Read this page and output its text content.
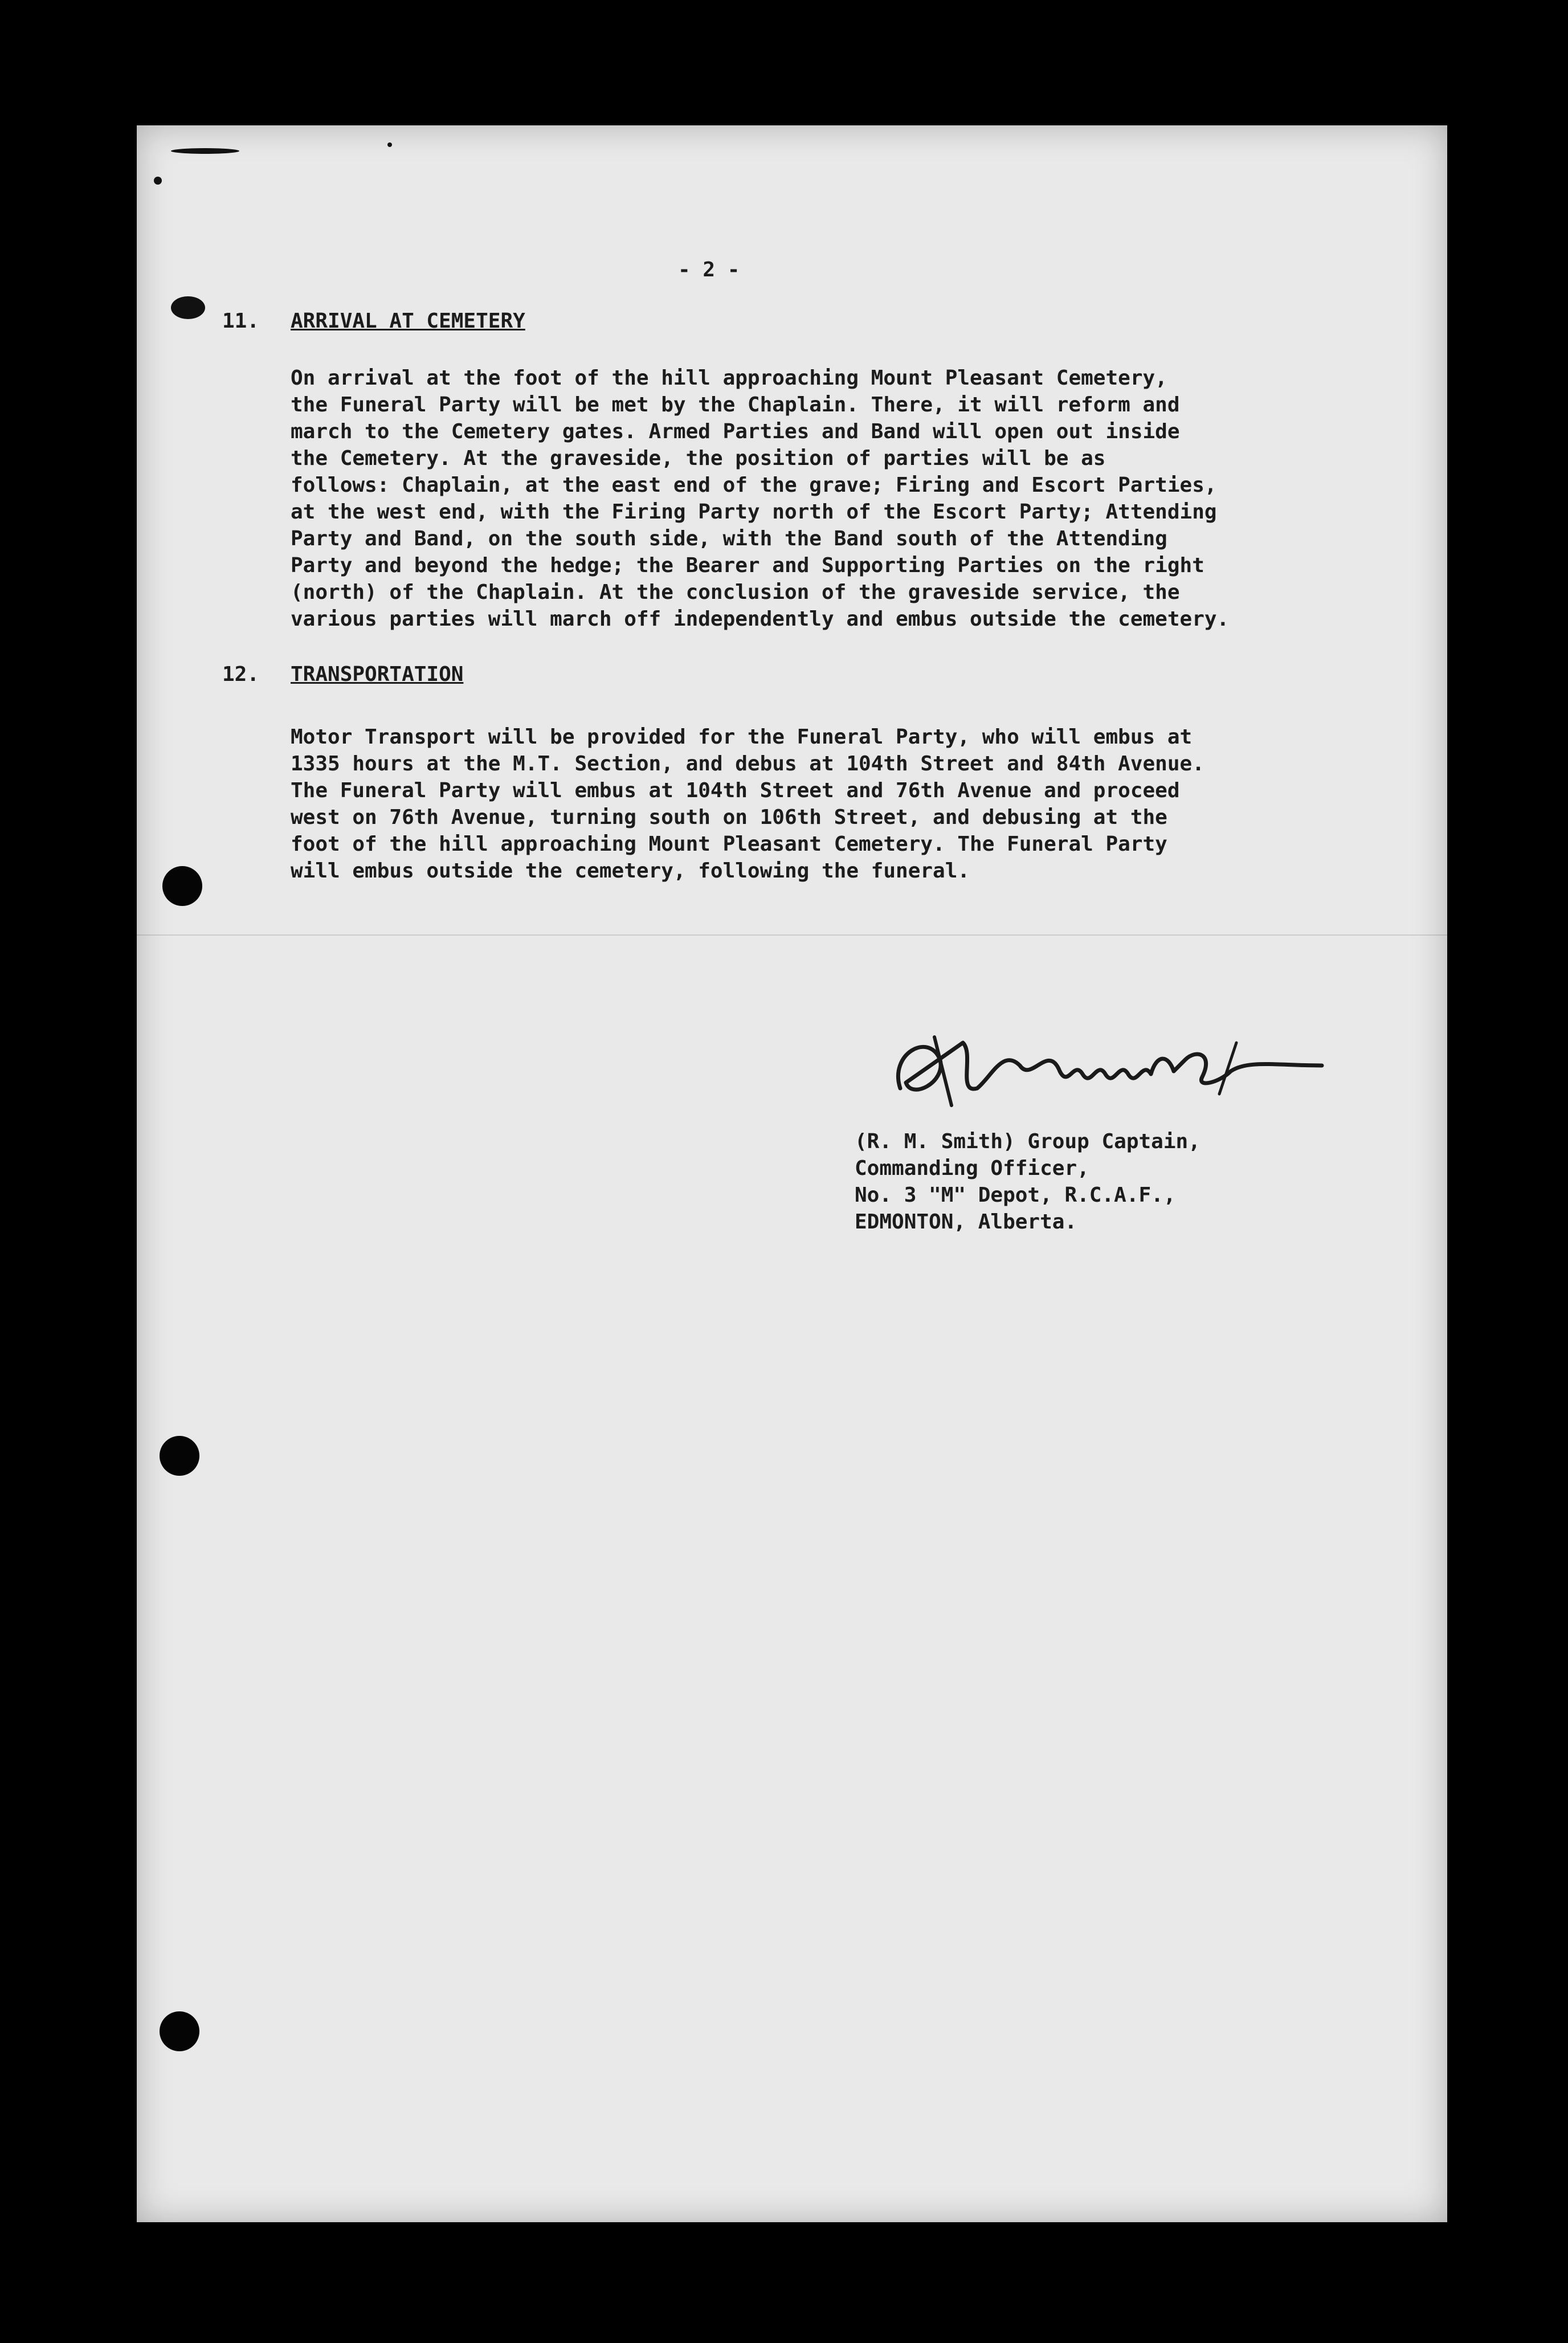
- 2 -
11. ARRIVAL AT CEMETERY
On arrival at the foot of the hill approaching Mount Pleasant Cemetery,
the Funeral Party will be met by the Chaplain. There, it will reform and
march to the Cemetery gates. Armed Parties and Band will open out inside
the Cemetery. At the graveside, the position of parties will be as
follows: Chaplain, at the east end of the grave; Firing and Escort Parties,
at the west end, with the Firing Party north of the Escort Party; Attending
Party and Band, on the south side, with the Band south of the Attending
Party and beyond the hedge; the Bearer and Supporting Parties on the right
(north) of the Chaplain. At the conclusion of the graveside service, the
various parties will march off independently and embus outside the cemetery.
12. TRANSPORTATION
Motor Transport will be provided for the Funeral Party, who will embus at
1335 hours at the M.T. Section, and debus at 104th Street and 84th Avenue.
The Funeral Party will embus at 104th Street and 76th Avenue and proceed
west on 76th Avenue, turning south on 106th Street, and debusing at the
foot of the hill approaching Mount Pleasant Cemetery. The Funeral Party
will embus outside the cemetery, following the funeral.
(R. M. Smith) Group Captain,
Commanding Officer,
No. 3 "M" Depot, R.C.A.F.,
EDMONTON, Alberta.
